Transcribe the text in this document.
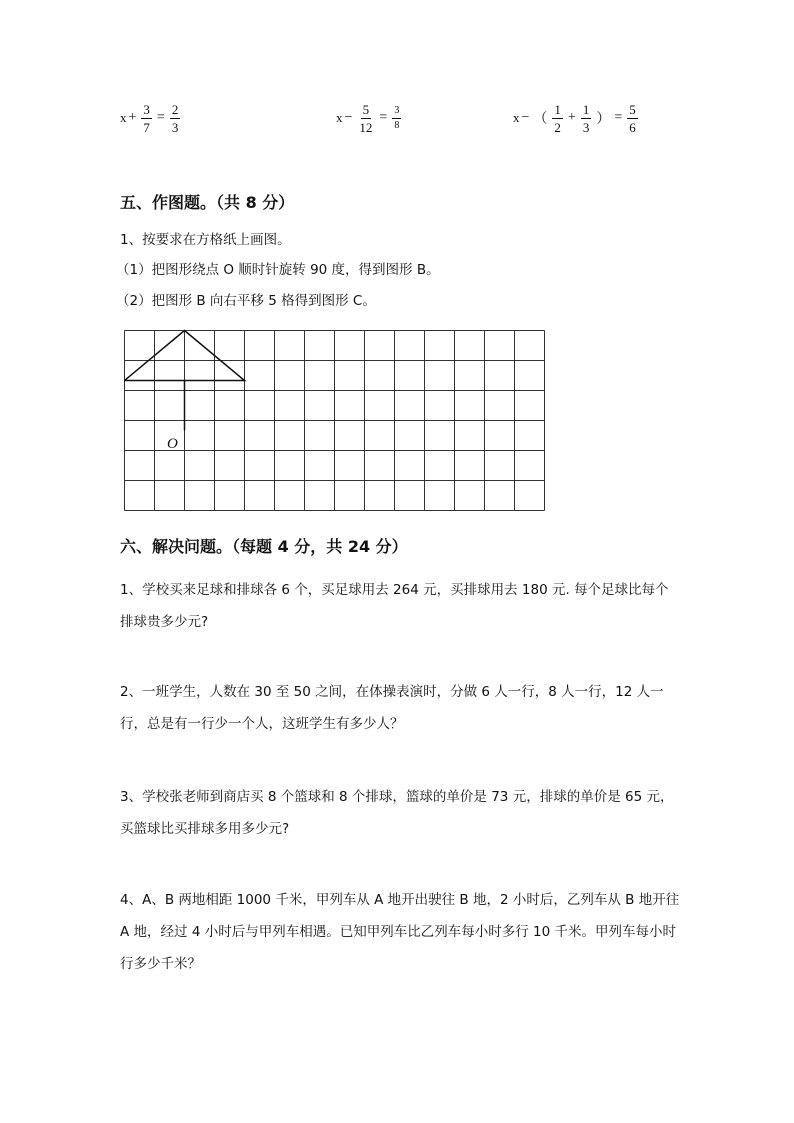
$x + \frac{3}{7} = \frac{2}{3}$	$x - \frac{5}{12} = \frac{3}{8}$	x − （ $\frac{1}{2} + \frac{1}{3}$ ） = $\frac{5}{6}$
五、作图题。（共 8 分）
1、按要求在方格纸上画图。
（1）把图形绕点 O 顺时针旋转 90 度，得到图形 B。
（2）把图形 B 向右平移 5 格得到图形 C。
O
六、解决问题。（每题 4 分，共 24 分）
1、学校买来足球和排球各 6 个，买足球用去 264 元，买排球用去 180 元. 每个足球比每个排球贵多少元?
2、一班学生，人数在 30 至 50 之间，在体操表演时，分做 6 人一行，8 人一行，12 人一行，总是有一行少一个人，这班学生有多少人？
3、学校张老师到商店买 8 个篮球和 8 个排球，篮球的单价是 73 元，排球的单价是 65 元，买篮球比买排球多用多少元?
4、A、B 两地相距 1000 千米，甲列车从 A 地开出驶往 B 地，2 小时后，乙列车从 B 地开往 A 地，经过 4 小时后与甲列车相遇。已知甲列车比乙列车每小时多行 10 千米。甲列车每小时行多少千米？
